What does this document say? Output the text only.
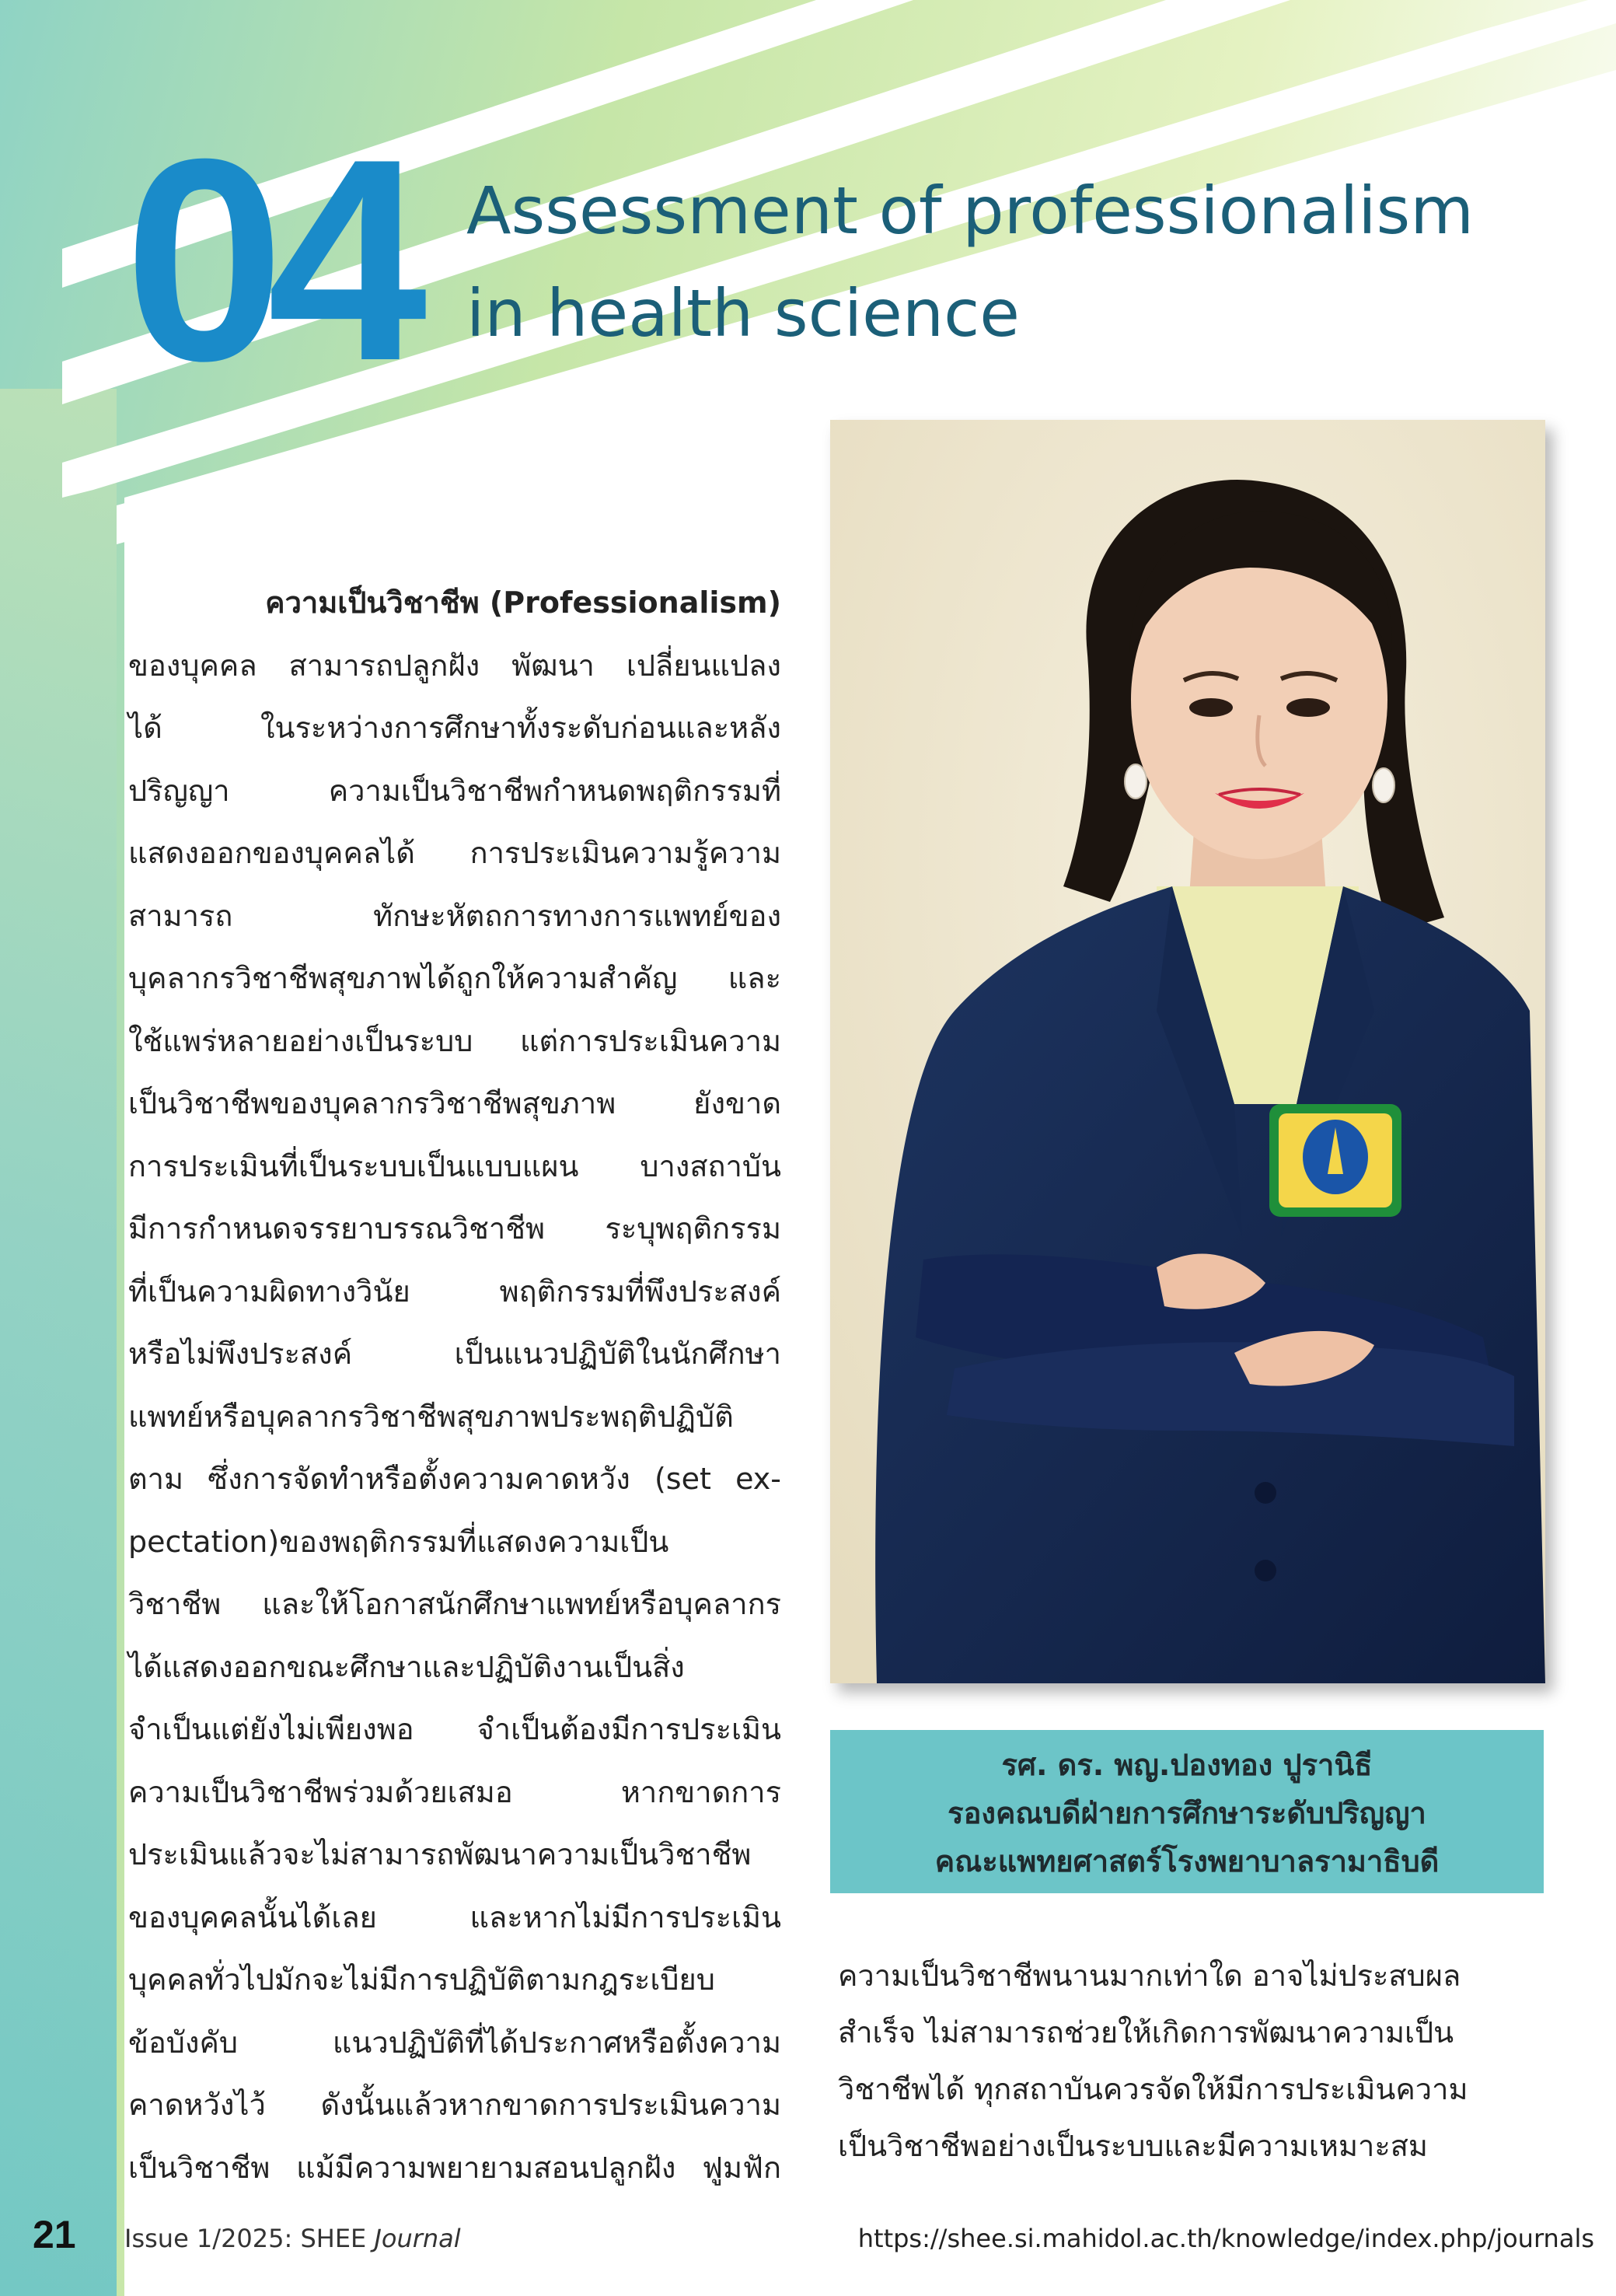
04 Assessment of professionalism
in health science
ความเป็นวิชาชีพ (Professionalism)
ของบุคคล สามารถปลูกฝัง พัฒนา เปลี่ยนแปลง
ได้ ในระหว่างการศึกษาทั้งระดับก่อนและหลัง
ปริญญา ความเป็นวิชาชีพกำหนดพฤติกรรมที่
แสดงออกของบุคคลได้ การประเมินความรู้ความ
สามารถ ทักษะหัตถการทางการแพทย์ของ
บุคลากรวิชาชีพสุขภาพได้ถูกให้ความสำคัญ และ
ใช้แพร่หลายอย่างเป็นระบบ แต่การประเมินความ
เป็นวิชาชีพของบุคลากรวิชาชีพสุขภาพ ยังขาด
การประเมินที่เป็นระบบเป็นแบบแผน บางสถาบัน
มีการกำหนดจรรยาบรรณวิชาชีพ ระบุพฤติกรรม
ที่เป็นความผิดทางวินัย พฤติกรรมที่พึงประสงค์
หรือไม่พึงประสงค์ เป็นแนวปฏิบัติในนักศึกษา
แพทย์หรือบุคลากรวิชาชีพสุขภาพประพฤติปฏิบัติ
ตาม ซึ่งการจัดทำหรือตั้งความคาดหวัง (set ex-
pectation)ของพฤติกรรมที่แสดงความเป็น
วิชาชีพ และให้โอกาสนักศึกษาแพทย์หรือบุคลากร
ได้แสดงออกขณะศึกษาและปฏิบัติงานเป็นสิ่ง
จำเป็นแต่ยังไม่เพียงพอ จำเป็นต้องมีการประเมิน
ความเป็นวิชาชีพร่วมด้วยเสมอ หากขาดการ
ประเมินแล้วจะไม่สามารถพัฒนาความเป็นวิชาชีพ
ของบุคคลนั้นได้เลย และหากไม่มีการประเมิน
บุคคลทั่วไปมักจะไม่มีการปฏิบัติตามกฎระเบียบ
ข้อบังคับ แนวปฏิบัติที่ได้ประกาศหรือตั้งความ
คาดหวังไว้ ดังนั้นแล้วหากขาดการประเมินความ
เป็นวิชาชีพ แม้มีความพยายามสอนปลูกฝัง ฟูมฟัก
รศ. ดร. พญ.ปองทอง ปูรานิธี
รองคณบดีฝ่ายการศึกษาระดับปริญญา
คณะแพทยศาสตร์โรงพยาบาลรามาธิบดี
ความเป็นวิชาชีพนานมากเท่าใด อาจไม่ประสบผล
สำเร็จ ไม่สามารถช่วยให้เกิดการพัฒนาความเป็น
วิชาชีพได้ ทุกสถาบันควรจัดให้มีการประเมินความ
เป็นวิชาชีพอย่างเป็นระบบและมีความเหมาะสม
21 Issue 1/2025: SHEE Journal	https://shee.si.mahidol.ac.th/knowledge/index.php/journals
